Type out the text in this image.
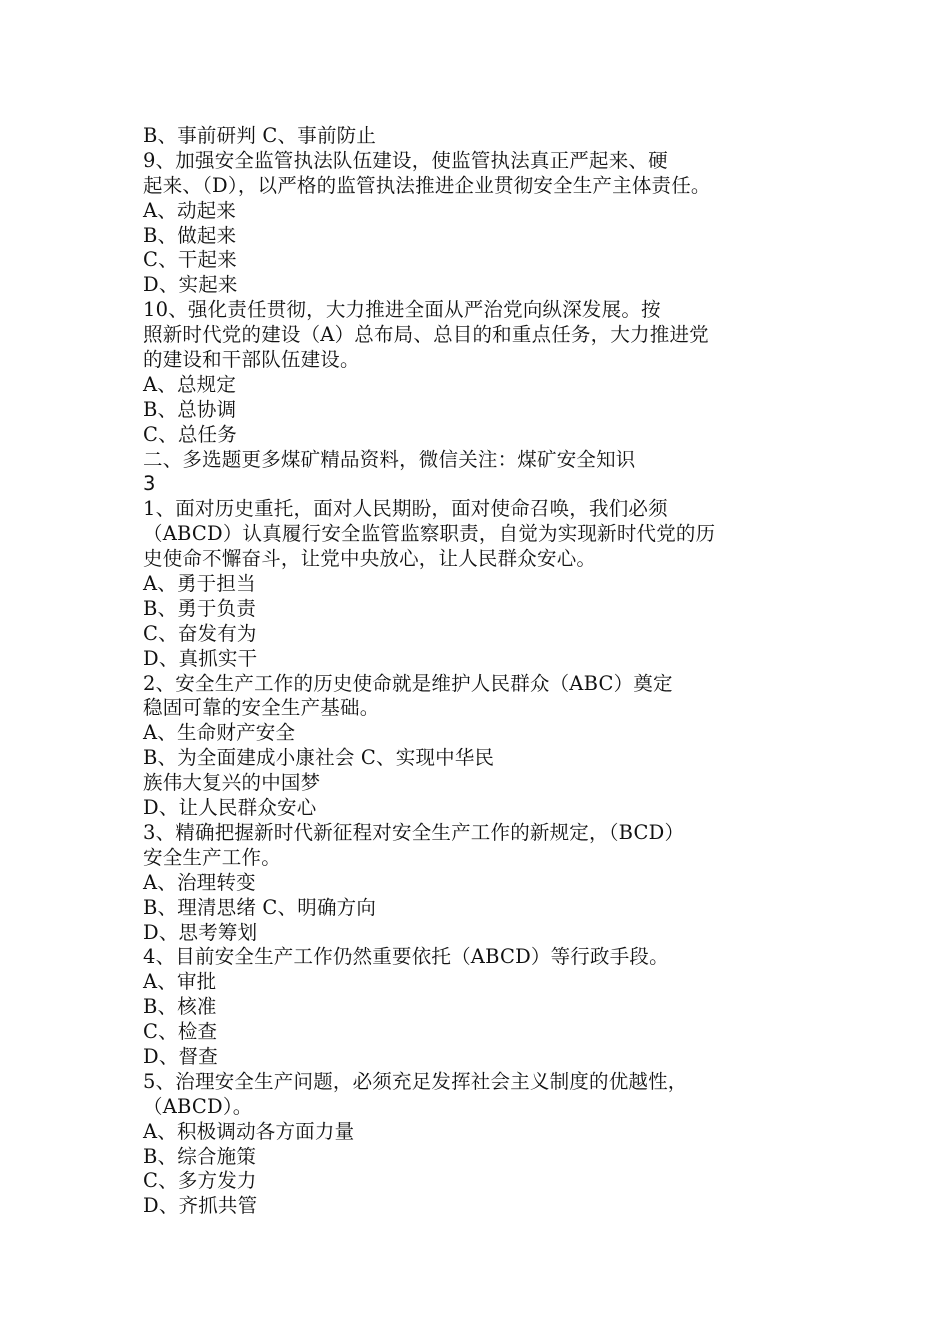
B、事前研判 C、事前防止
9、加强安全监管执法队伍建设，使监管执法真正严起来、硬
起来、（D），以严格的监管执法推进企业贯彻安全生产主体责任。
A、动起来
B、做起来
C、干起来
D、实起来
10、强化责任贯彻，大力推进全面从严治党向纵深发展。按
照新时代党的建设（A）总布局、总目的和重点任务，大力推进党
的建设和干部队伍建设。
A、总规定
B、总协调
C、总任务
二、多选题更多煤矿精品资料，微信关注：煤矿安全知识
3
1、面对历史重托，面对人民期盼，面对使命召唤，我们必须
（ABCD）认真履行安全监管监察职责，自觉为实现新时代党的历
史使命不懈奋斗，让党中央放心，让人民群众安心。
A、勇于担当
B、勇于负责
C、奋发有为
D、真抓实干
2、安全生产工作的历史使命就是维护人民群众（ABC）奠定
稳固可靠的安全生产基础。
A、生命财产安全
B、为全面建成小康社会 C、实现中华民
族伟大复兴的中国梦
D、让人民群众安心
3、精确把握新时代新征程对安全生产工作的新规定，（BCD）
安全生产工作。
A、治理转变
B、理清思绪 C、明确方向
D、思考筹划
4、目前安全生产工作仍然重要依托（ABCD）等行政手段。
A、审批
B、核准
C、检查
D、督查
5、治理安全生产问题，必须充足发挥社会主义制度的优越性，
（ABCD）。
A、积极调动各方面力量
B、综合施策
C、多方发力
D、齐抓共管
